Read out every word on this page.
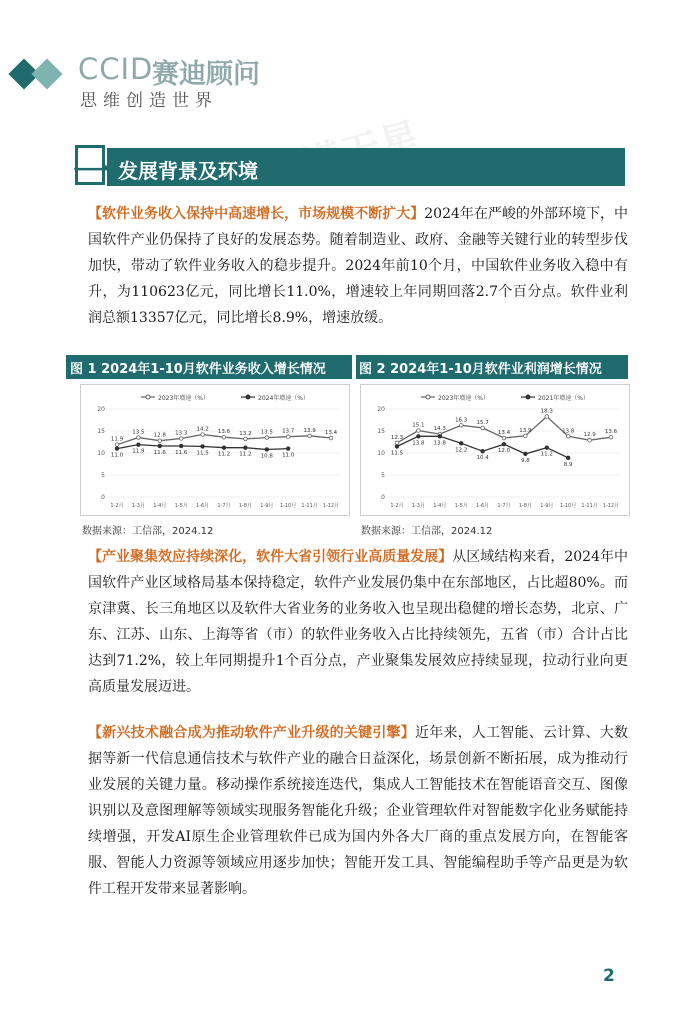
CCID
赛迪顾问
思维创造世界
一 发展背景及环境
【软件业务收入保持中高速增长，市场规模不断扩大】2024年在严峻的外部环境下，中国软件产业仍保持了良好的发展态势。随着制造业、政府、金融等关键行业的转型步伐加快，带动了软件业务收入的稳步提升。2024年前10个月，中国软件业务收入稳中有升，为110623亿元，同比增长11.0%，增速较上年同期回落2.7个百分点。软件业利润总额13357亿元，同比增长8.9%，增速放缓。
图 1 2024年1-10月软件业务收入增长情况	图 2 2024年1-10月软件业利润增长情况
2023年增速（%）	2024年增速（%）
0
5
10
15
20
1-2月 1-3月 1-4月 1-5月 1-6月 1-7月 1-8月 1-9月 1-10月 1-11月 1-12月
11.9
13.5
12.8 13.3
14.2 13.6 13.2 13.5 13.7 13.9 13.4
11.0
11.9 11.6 11.6 11.5 11.2 11.2 10.8 11.0
2023年增速（%）	2021年增速（%）
0
5
10
15
20
1-2月 1-3月 1-4月 1-5月 1-6月 1-7月 1-8月 1-9月 1-10月 1-11月 1-12月
12.3
15.1
14.3
16.3 15.7
13.4 13.9
18.3
13.8
12.9
13.6
11.5
13.8 13.8
12.2
10.4
12.0
9.8
11.2
8.9
数据来源：工信部，2024.12	数据来源：工信部，2024.12
【产业聚集效应持续深化，软件大省引领行业高质量发展】从区域结构来看，2024年中国软件产业区域格局基本保持稳定，软件产业发展仍集中在东部地区，占比超80%。而京津冀、长三角地区以及软件大省业务的业务收入也呈现出稳健的增长态势，北京、广东、江苏、山东、上海等省（市）的软件业务收入占比持续领先，五省（市）合计占比达到71.2%，较上年同期提升1个百分点，产业聚集发展效应持续显现，拉动行业向更高质量发展迈进。
【新兴技术融合成为推动软件产业升级的关键引擎】近年来，人工智能、云计算、大数据等新一代信息通信技术与软件产业的融合日益深化，场景创新不断拓展，成为推动行业发展的关键力量。移动操作系统接连迭代，集成人工智能技术在智能语音交互、图像识别以及意图理解等领域实现服务智能化升级；企业管理软件对智能数字化业务赋能持续增强，开发AI原生企业管理软件已成为国内外各大厂商的重点发展方向，在智能客服、智能人力资源等领域应用逐步加快；智能开发工具、智能编程助手等产品更是为软件工程开发带来显著影响。
2
